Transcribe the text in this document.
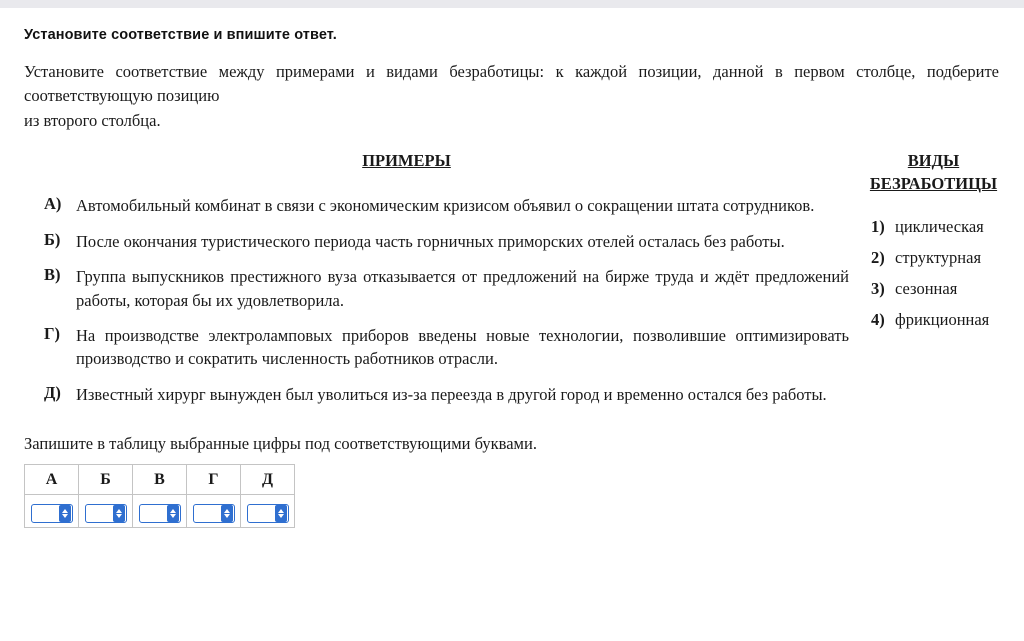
Установите соответствие и впишите ответ.
Установите соответствие между примерами и видами безработицы: к каждой позиции, данной в первом столбце, подберите соответствующую позицию
из второго столбца.
ПРИМЕРЫ
А) Автомобильный комбинат в связи с экономическим кризисом объявил о сокращении штата сотрудников.
Б) После окончания туристического периода часть горничных приморских отелей осталась без работы.
В) Группа выпускников престижного вуза отказывается от предложений на бирже труда и ждёт предложений работы, которая бы их удовлетворила.
Г) На производстве электроламповых приборов введены новые технологии, позволившие оптимизировать производство и сократить численность работников отрасли.
Д) Известный хирург вынужден был уволиться из-за переезда в другой город и временно остался без работы.
ВИДЫ
БЕЗРАБОТИЦЫ
1) циклическая
2) структурная
3) сезонная
4) фрикционная
Запишите в таблицу выбранные цифры под соответствующими буквами.
А	Б	В	Г	Д
